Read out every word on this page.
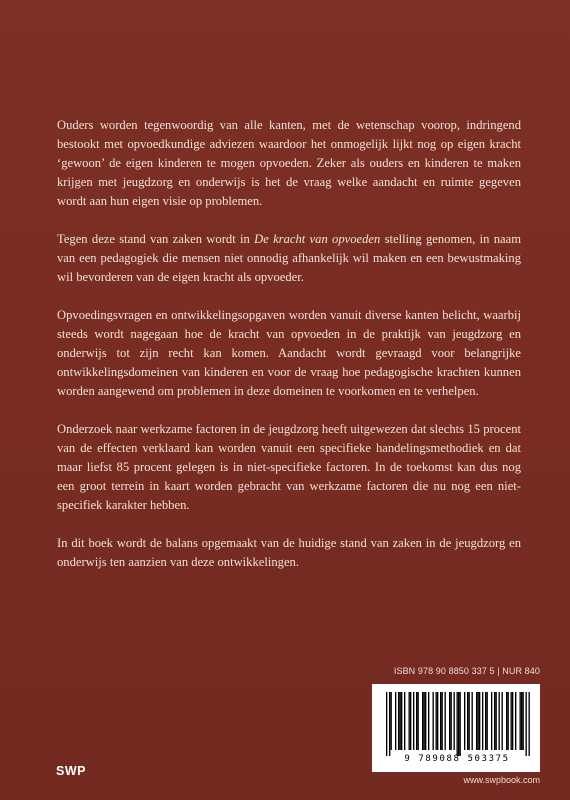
Ouders worden tegenwoordig van alle kanten, met de wetenschap voorop, indringend bestookt met opvoedkundige adviezen waardoor het onmogelijk lijkt nog op eigen kracht ‘gewoon’ de eigen kinderen te mogen opvoeden. Zeker als ouders en kinderen te maken krijgen met jeugdzorg en onderwijs is het de vraag welke aandacht en ruimte gegeven wordt aan hun eigen visie op problemen.

Tegen deze stand van zaken wordt in De kracht van opvoeden stelling genomen, in naam van een pedagogiek die mensen niet onnodig afhankelijk wil maken en een bewustmaking wil bevorderen van de eigen kracht als opvoeder.

Opvoedingsvragen en ontwikkelingsopgaven worden vanuit diverse kanten belicht, waarbij steeds wordt nagegaan hoe de kracht van opvoeden in de praktijk van jeugdzorg en onderwijs tot zijn recht kan komen. Aandacht wordt gevraagd voor belangrijke ontwikkelingsdomeinen van kinderen en voor de vraag hoe pedagogische krachten kunnen worden aangewend om problemen in deze domeinen te voorkomen en te verhelpen.

Onderzoek naar werkzame factoren in de jeugdzorg heeft uitgewezen dat slechts 15 procent van de effecten verklaard kan worden vanuit een specifieke handelingsmethodiek en dat maar liefst 85 procent gelegen is in niet-specifieke factoren. In de toekomst kan dus nog een groot terrein in kaart worden gebracht van werkzame factoren die nu nog een niet-specifiek karakter hebben.

In dit boek wordt de balans opgemaakt van de huidige stand van zaken in de jeugdzorg en onderwijs ten aanzien van deze ontwikkelingen.

ISBN 978 90 8850 337 5 | NUR 840
9 789088 503375
www.swpbook.com
SWP
